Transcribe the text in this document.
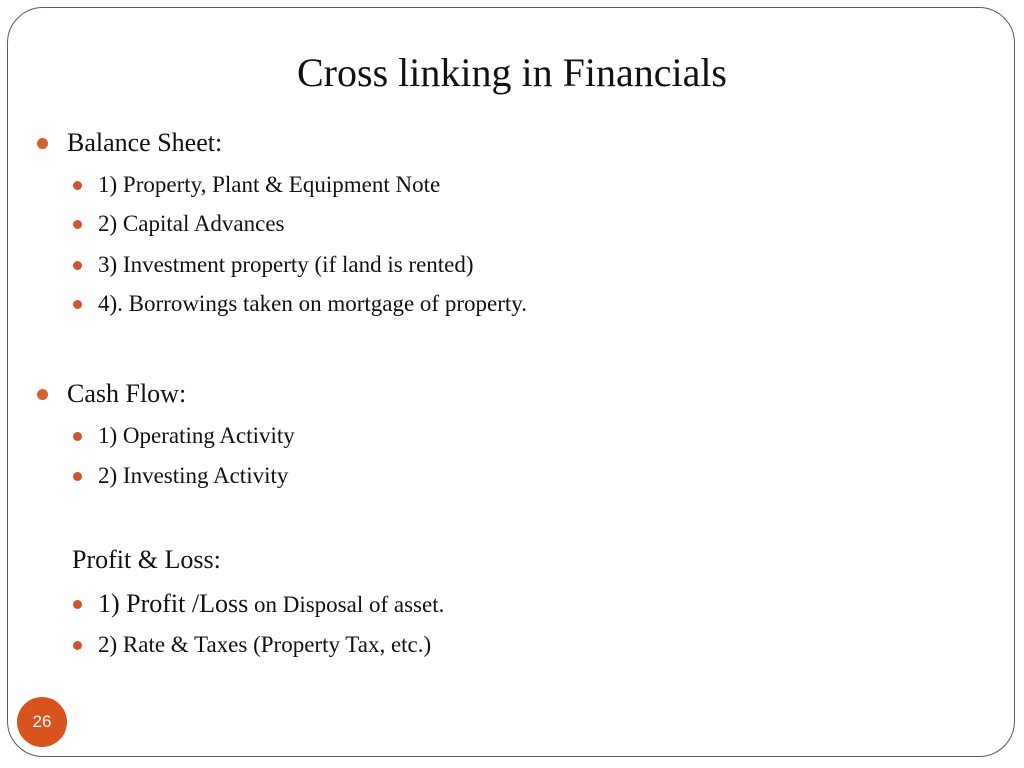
Cross linking in Financials
Balance Sheet:
1) Property, Plant & Equipment Note
2) Capital Advances
3) Investment property (if land is rented)
4). Borrowings taken on mortgage of property.
Cash Flow:
1) Operating Activity
2) Investing Activity
Profit & Loss:
1) Profit /Loss on Disposal of asset.
2) Rate & Taxes (Property Tax, etc.)
26
